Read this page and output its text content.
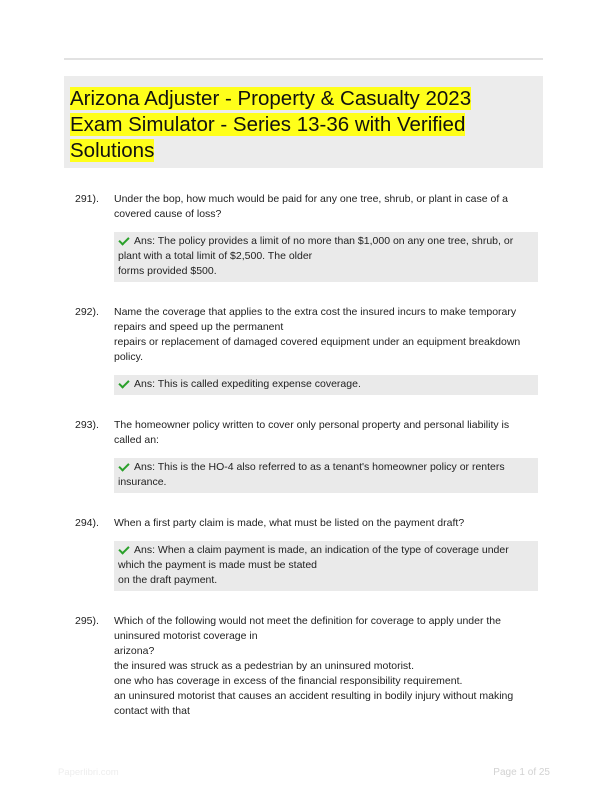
Arizona Adjuster - Property & Casualty 2023
Exam Simulator - Series 13-36 with Verified
Solutions
291). Under the bop, how much would be paid for any one tree, shrub, or plant in case of a covered cause of loss?
Ans: The policy provides a limit of no more than $1,000 on any one tree, shrub, or plant with a total limit of $2,500. The older
forms provided $500.
292). Name the coverage that applies to the extra cost the insured incurs to make temporary repairs and speed up the permanent
repairs or replacement of damaged covered equipment under an equipment breakdown policy.
Ans: This is called expediting expense coverage.
293). The homeowner policy written to cover only personal property and personal liability is called an:
Ans: This is the HO-4 also referred to as a tenant's homeowner policy or renters insurance.
294). When a first party claim is made, what must be listed on the payment draft?
Ans: When a claim payment is made, an indication of the type of coverage under which the payment is made must be stated
on the draft payment.
295). Which of the following would not meet the definition for coverage to apply under the uninsured motorist coverage in
arizona?
the insured was struck as a pedestrian by an uninsured motorist.
one who has coverage in excess of the financial responsibility requirement.
an uninsured motorist that causes an accident resulting in bodily injury without making contact with that
Paperlibri.com	Page 1 of 25
